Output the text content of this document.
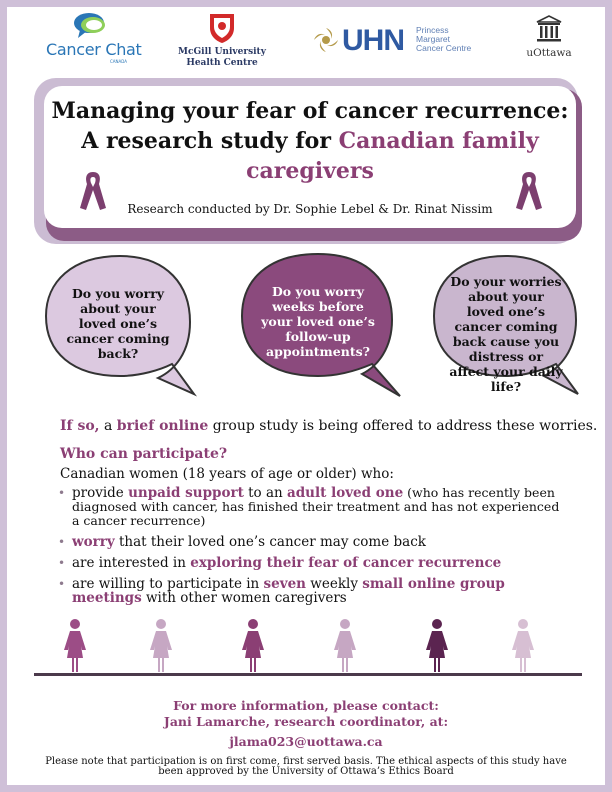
Cancer Chat
CANADA
McGill University
Health Centre
UHN Princess
Margaret
Cancer Centre	uOttawa
Managing your fear of cancer recurrence:
A research study for Canadian family
caregivers
Research conducted by Dr. Sophie Lebel & Dr. Rinat Nissim
Do you worry about your loved one’s cancer coming back?
Do you worry weeks before your loved one’s follow-up appointments?
Do your worries about your loved one’s cancer coming back cause you distress or affect your daily life?
If so, a brief online group study is being offered to address these worries.
Who can participate?
Canadian women (18 years of age or older) who:
• provide unpaid support to an adult loved one (who has recently been diagnosed with cancer, has finished their treatment and has not experienced a cancer recurrence)
• worry that their loved one’s cancer may come back
• are interested in exploring their fear of cancer recurrence
• are willing to participate in seven weekly small online group meetings with other women caregivers
For more information, please contact:
Jani Lamarche, research coordinator, at:
jlama023@uottawa.ca
Please note that participation is on first come, first served basis. The ethical aspects of this study have been approved by the University of Ottawa’s Ethics Board
